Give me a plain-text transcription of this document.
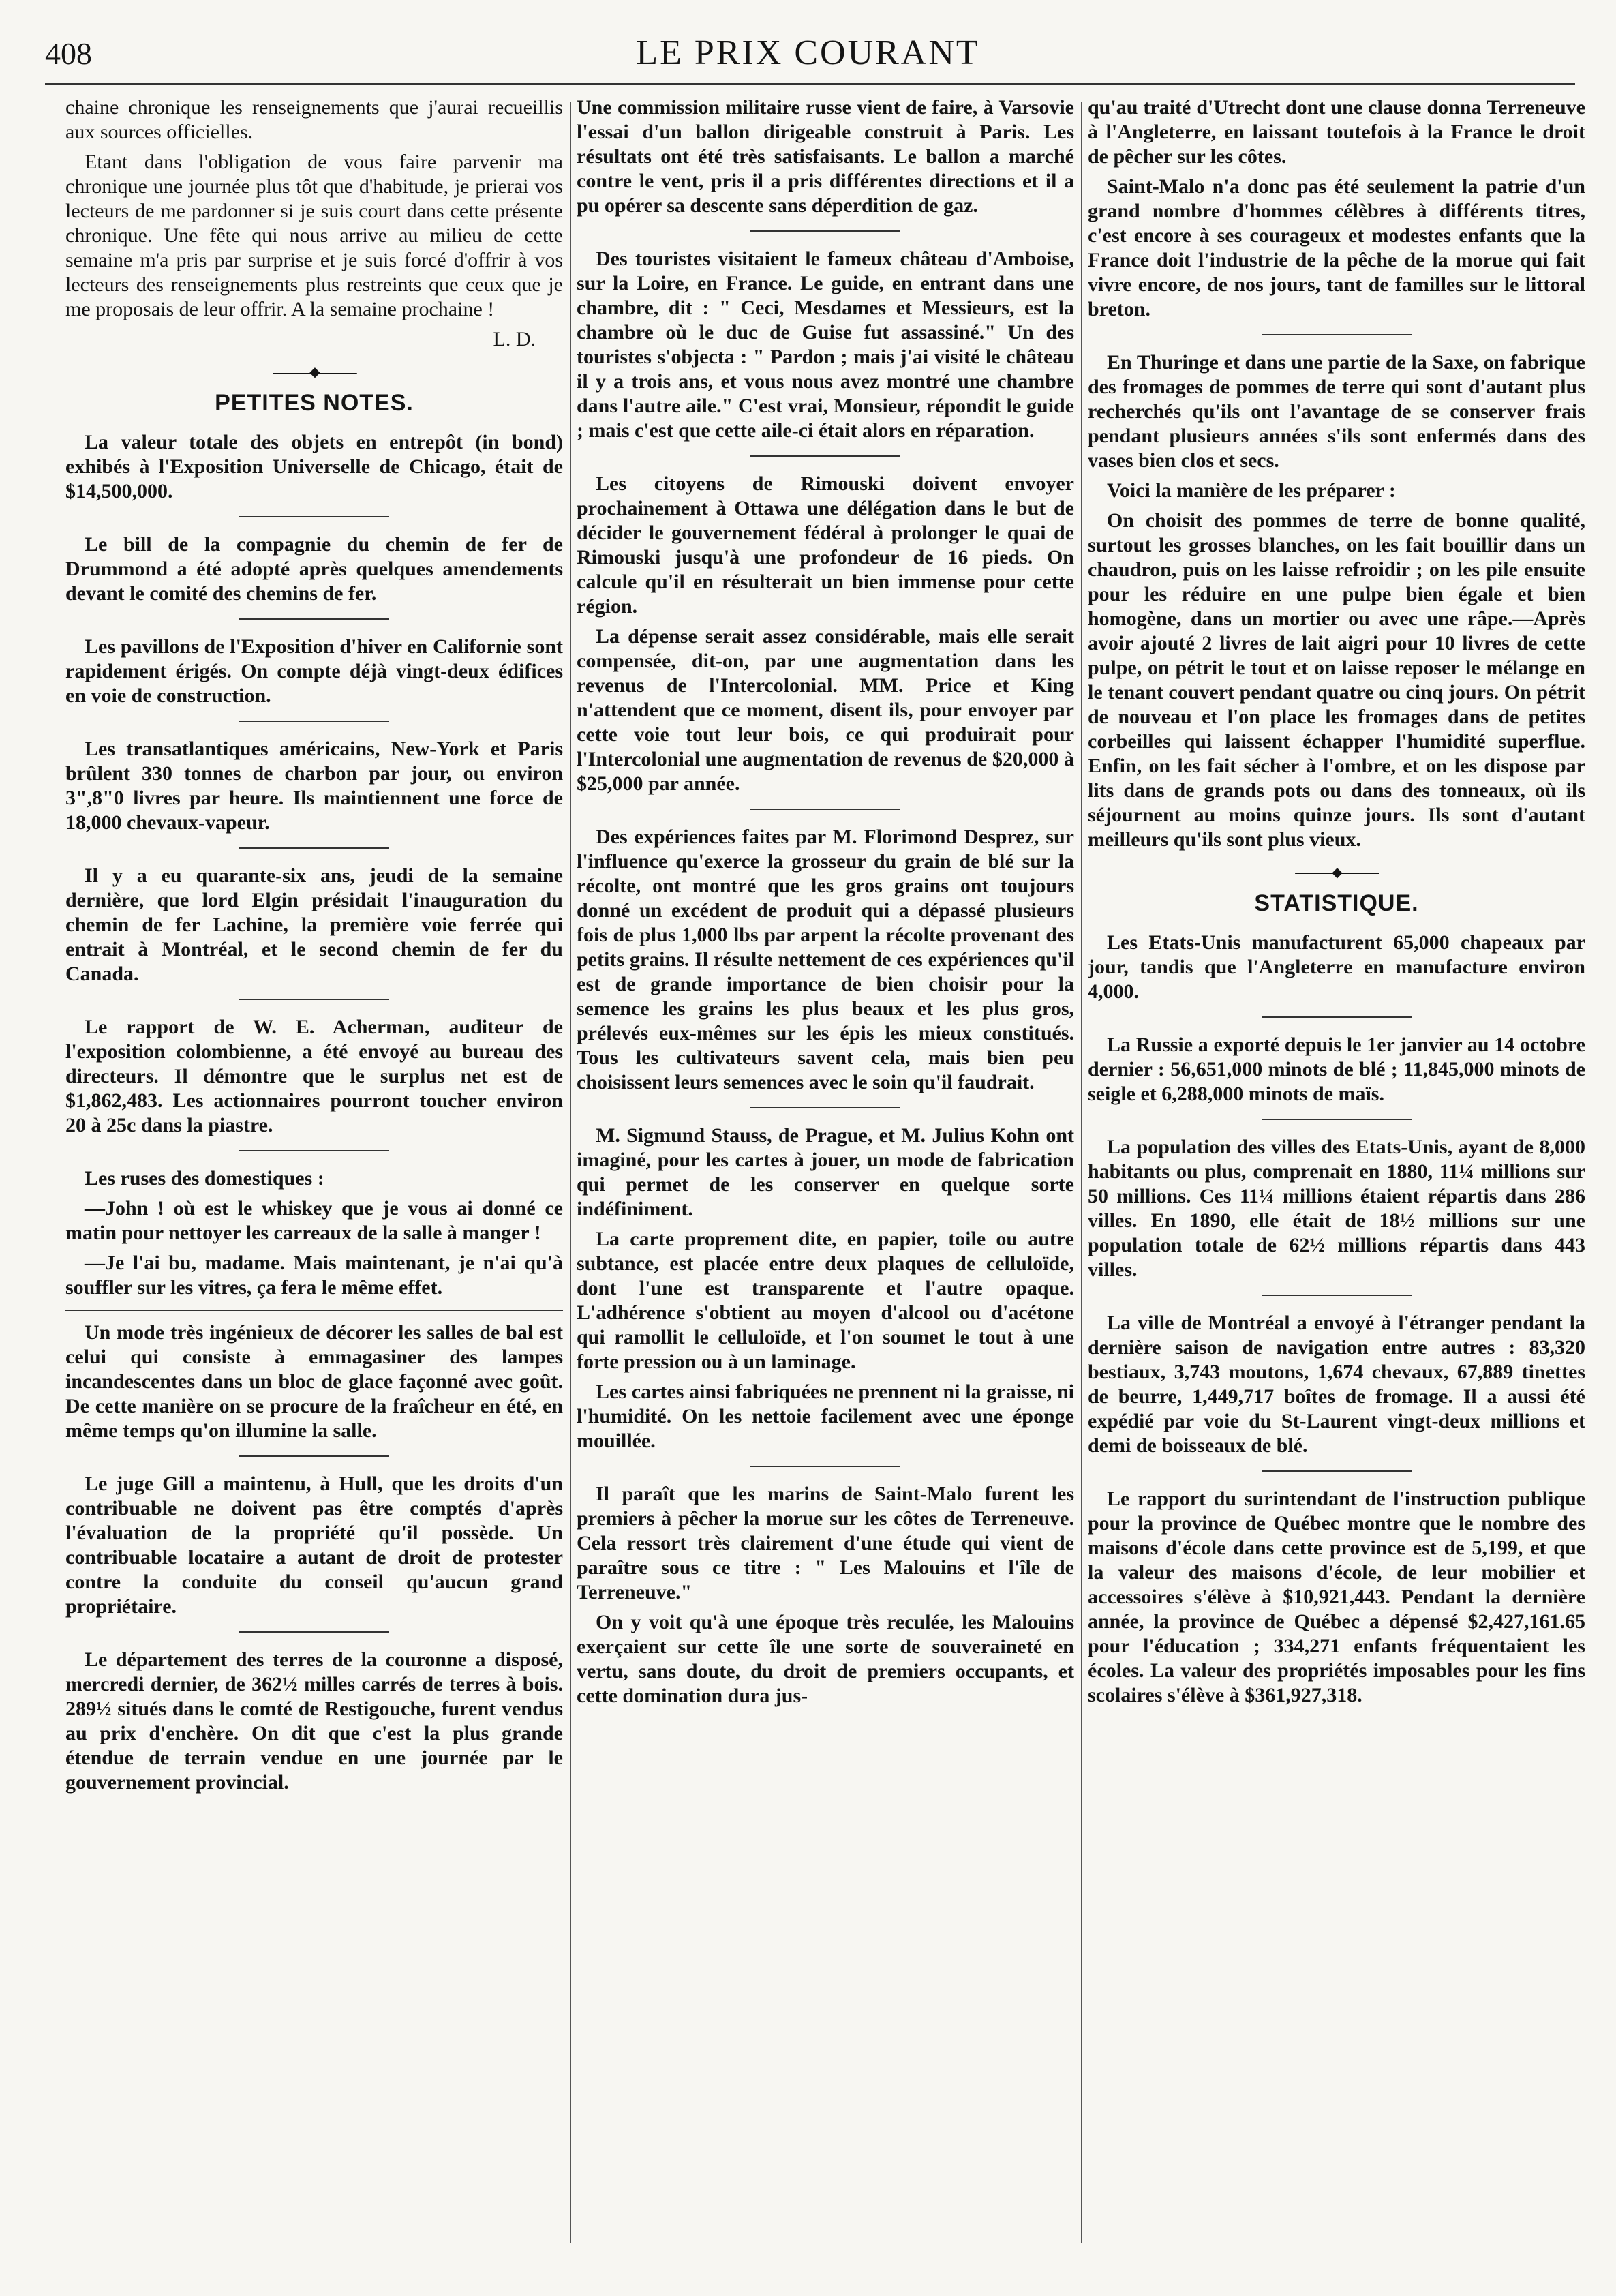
408	LE PRIX COURANT

chaine chronique les renseignements que j'aurai recueillis aux sources officielles.

Etant dans l'obligation de vous faire parvenir ma chronique une journée plus tôt que d'habitude, je prierai vos lecteurs de me pardonner si je suis court dans cette présente chronique. Une fête qui nous arrive au milieu de cette semaine m'a pris par surprise et je suis forcé d'offrir à vos lecteurs des renseignements plus restreints que ceux que je me proposais de leur offrir. A la semaine prochaine !

L. D.

———◆———
PETITES NOTES.

La valeur totale des objets en entrepôt (in bond) exhibés à l'Exposition Universelle de Chicago, était de $14,500,000.

Le bill de la compagnie du chemin de fer de Drummond a été adopté après quelques amendements devant le comité des chemins de fer.

Les pavillons de l'Exposition d'hiver en Californie sont rapidement érigés. On compte déjà vingt-deux édifices en voie de construction.

Les transatlantiques américains, New-York et Paris brûlent 330 tonnes de charbon par jour, ou environ 3",8"0 livres par heure. Ils maintiennent une force de 18,000 chevaux-vapeur.

Il y a eu quarante-six ans, jeudi de la semaine dernière, que lord Elgin présidait l'inauguration du chemin de fer Lachine, la première voie ferrée qui entrait à Montréal, et le second chemin de fer du Canada.

Le rapport de W. E. Acherman, auditeur de l'exposition colombienne, a été envoyé au bureau des directeurs. Il démontre que le surplus net est de $1,862,483. Les actionnaires pourront toucher environ 20 à 25c dans la piastre.

Les ruses des domestiques :

—John ! où est le whiskey que je vous ai donné ce matin pour nettoyer les carreaux de la salle à manger !

—Je l'ai bu, madame. Mais maintenant, je n'ai qu'à souffler sur les vitres, ça fera le même effet.

Un mode très ingénieux de décorer les salles de bal est celui qui consiste à emmagasiner des lampes incandescentes dans un bloc de glace façonné avec goût. De cette manière on se procure de la fraîcheur en été, en même temps qu'on illumine la salle.

Le juge Gill a maintenu, à Hull, que les droits d'un contribuable ne doivent pas être comptés d'après l'évaluation de la propriété qu'il possède. Un contribuable locataire a autant de droit de protester contre la conduite du conseil qu'aucun grand propriétaire.

Le département des terres de la couronne a disposé, mercredi dernier, de 362½ milles carrés de terres à bois. 289½ situés dans le comté de Restigouche, furent vendus au prix d'enchère. On dit que c'est la plus grande étendue de terrain vendue en une journée par le gouvernement provincial.

Une commission militaire russe vient de faire, à Varsovie l'essai d'un ballon dirigeable construit à Paris. Les résultats ont été très satisfaisants. Le ballon a marché contre le vent, pris il a pris différentes directions et il a pu opérer sa descente sans déperdition de gaz.

Des touristes visitaient le fameux château d'Amboise, sur la Loire, en France. Le guide, en entrant dans une chambre, dit : " Ceci, Mesdames et Messieurs, est la chambre où le duc de Guise fut assassiné." Un des touristes s'objecta : " Pardon ; mais j'ai visité le château il y a trois ans, et vous nous avez montré une chambre dans l'autre aile." C'est vrai, Monsieur, répondit le guide ; mais c'est que cette aile-ci était alors en réparation.

Les citoyens de Rimouski doivent envoyer prochainement à Ottawa une délégation dans le but de décider le gouvernement fédéral à prolonger le quai de Rimouski jusqu'à une profondeur de 16 pieds. On calcule qu'il en résulterait un bien immense pour cette région.

La dépense serait assez considérable, mais elle serait compensée, dit-on, par une augmentation dans les revenus de l'Intercolonial. MM. Price et King n'attendent que ce moment, disent ils, pour envoyer par cette voie tout leur bois, ce qui produirait pour l'Intercolonial une augmentation de revenus de $20,000 à $25,000 par année.

Des expériences faites par M. Florimond Desprez, sur l'influence qu'exerce la grosseur du grain de blé sur la récolte, ont montré que les gros grains ont toujours donné un excédent de produit qui a dépassé plusieurs fois de plus 1,000 lbs par arpent la récolte provenant des petits grains. Il résulte nettement de ces expériences qu'il est de grande importance de bien choisir pour la semence les grains les plus beaux et les plus gros, prélevés eux-mêmes sur les épis les mieux constitués. Tous les cultivateurs savent cela, mais bien peu choisissent leurs semences avec le soin qu'il faudrait.

M. Sigmund Stauss, de Prague, et M. Julius Kohn ont imaginé, pour les cartes à jouer, un mode de fabrication qui permet de les conserver en quelque sorte indéfiniment.

La carte proprement dite, en papier, toile ou autre subtance, est placée entre deux plaques de celluloïde, dont l'une est transparente et l'autre opaque. L'adhérence s'obtient au moyen d'alcool ou d'acétone qui ramollit le celluloïde, et l'on soumet le tout à une forte pression ou à un laminage.

Les cartes ainsi fabriquées ne prennent ni la graisse, ni l'humidité. On les nettoie facilement avec une éponge mouillée.

Il paraît que les marins de Saint-Malo furent les premiers à pêcher la morue sur les côtes de Terreneuve. Cela ressort très clairement d'une étude qui vient de paraître sous ce titre : " Les Malouins et l'île de Terreneuve."

On y voit qu'à une époque très reculée, les Malouins exerçaient sur cette île une sorte de souveraineté en vertu, sans doute, du droit de premiers occupants, et cette domination dura jus-

qu'au traité d'Utrecht dont une clause donna Terreneuve à l'Angleterre, en laissant toutefois à la France le droit de pêcher sur les côtes.

Saint-Malo n'a donc pas été seulement la patrie d'un grand nombre d'hommes célèbres à différents titres, c'est encore à ses courageux et modestes enfants que la France doit l'industrie de la pêche de la morue qui fait vivre encore, de nos jours, tant de familles sur le littoral breton.

En Thuringe et dans une partie de la Saxe, on fabrique des fromages de pommes de terre qui sont d'autant plus recherchés qu'ils ont l'avantage de se conserver frais pendant plusieurs années s'ils sont enfermés dans des vases bien clos et secs.

Voici la manière de les préparer :

On choisit des pommes de terre de bonne qualité, surtout les grosses blanches, on les fait bouillir dans un chaudron, puis on les laisse refroidir ; on les pile ensuite pour les réduire en une pulpe bien égale et bien homogène, dans un mortier ou avec une râpe.—Après avoir ajouté 2 livres de lait aigri pour 10 livres de cette pulpe, on pétrit le tout et on laisse reposer le mélange en le tenant couvert pendant quatre ou cinq jours. On pétrit de nouveau et l'on place les fromages dans de petites corbeilles qui laissent échapper l'humidité superflue. Enfin, on les fait sécher à l'ombre, et on les dispose par lits dans de grands pots ou dans des tonneaux, où ils séjournent au moins quinze jours. Ils sont d'autant meilleurs qu'ils sont plus vieux.

———◆———
STATISTIQUE.

Les Etats-Unis manufacturent 65,000 chapeaux par jour, tandis que l'Angleterre en manufacture environ 4,000.

La Russie a exporté depuis le 1er janvier au 14 octobre dernier : 56,651,000 minots de blé ; 11,845,000 minots de seigle et 6,288,000 minots de maïs.

La population des villes des Etats-Unis, ayant de 8,000 habitants ou plus, comprenait en 1880, 11¼ millions sur 50 millions. Ces 11¼ millions étaient répartis dans 286 villes. En 1890, elle était de 18½ millions sur une population totale de 62½ millions répartis dans 443 villes.

La ville de Montréal a envoyé à l'étranger pendant la dernière saison de navigation entre autres : 83,320 bestiaux, 3,743 moutons, 1,674 chevaux, 67,889 tinettes de beurre, 1,449,717 boîtes de fromage. Il a aussi été expédié par voie du St-Laurent vingt-deux millions et demi de boisseaux de blé.

Le rapport du surintendant de l'instruction publique pour la province de Québec montre que le nombre des maisons d'école dans cette province est de 5,199, et que la valeur des maisons d'école, de leur mobilier et accessoires s'élève à $10,921,443. Pendant la dernière année, la province de Québec a dépensé $2,427,161.65 pour l'éducation ; 334,271 enfants fréquentaient les écoles. La valeur des propriétés imposables pour les fins scolaires s'élève à $361,927,318.
